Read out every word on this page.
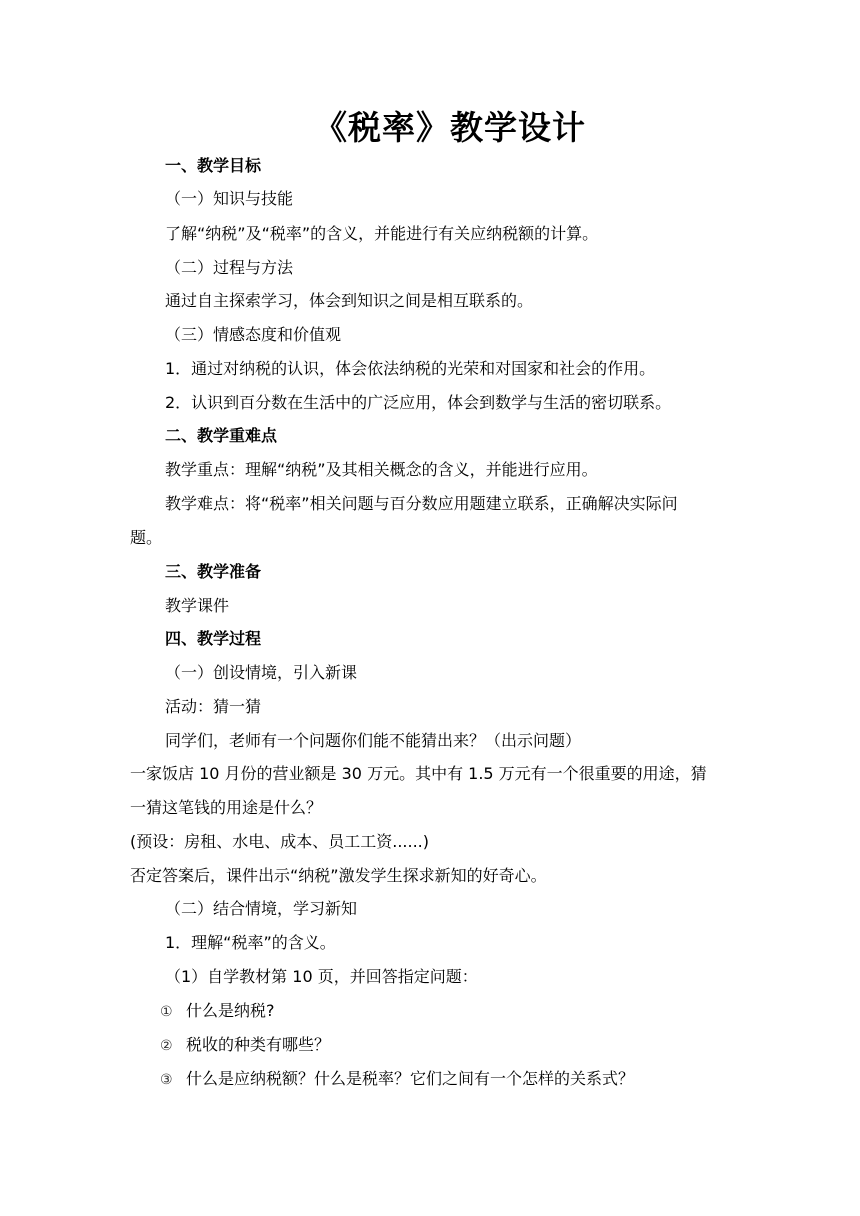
《税率》教学设计
一、教学目标
（一）知识与技能
了解“纳税”及“税率”的含义，并能进行有关应纳税额的计算。
（二）过程与方法
通过自主探索学习，体会到知识之间是相互联系的。
（三）情感态度和价值观
1．通过对纳税的认识，体会依法纳税的光荣和对国家和社会的作用。
2．认识到百分数在生活中的广泛应用，体会到数学与生活的密切联系。
二、教学重难点
教学重点：理解“纳税”及其相关概念的含义，并能进行应用。
教学难点：将“税率”相关问题与百分数应用题建立联系，正确解决实际问
题。
三、教学准备
教学课件
四、教学过程
（一）创设情境，引入新课
活动：猜一猜
同学们，老师有一个问题你们能不能猜出来？（出示问题）
一家饭店 10 月份的营业额是 30 万元。其中有 1.5 万元有一个很重要的用途，猜
一猜这笔钱的用途是什么？
(预设：房租、水电、成本、员工工资......)
否定答案后，课件出示“纳税”激发学生探求新知的好奇心。
（二）结合情境，学习新知
1．理解“税率”的含义。
（1）自学教材第 10 页，并回答指定问题：
① 什么是纳税?
② 税收的种类有哪些？
③ 什么是应纳税额？什么是税率？它们之间有一个怎样的关系式？
